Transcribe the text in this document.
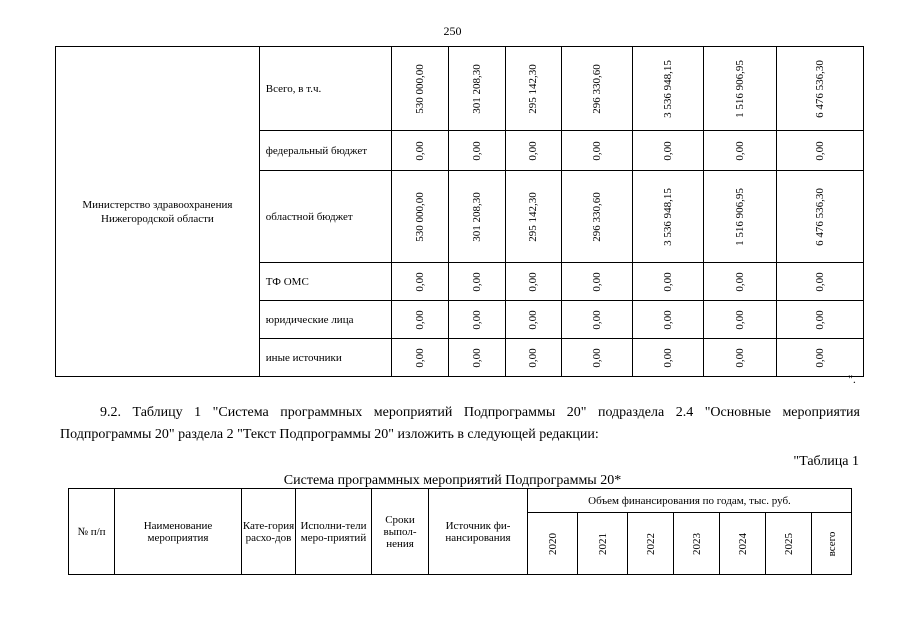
250
Министерство здравоохранения Нижегородской области	Всего, в т.ч.	530 000,00	301 208,30	295 142,30	296 330,60	3 536 948,15	1 516 906,95	6 476 536,30

	федеральный бюджет	0,00	0,00	0,00	0,00	0,00	0,00	0,00

	областной бюджет	530 000,00	301 208,30	295 142,30	296 330,60	3 536 948,15	1 516 906,95	6 476 536,30

	ТФ ОМС	0,00	0,00	0,00	0,00	0,00	0,00	0,00

	юридические лица	0,00	0,00	0,00	0,00	0,00	0,00	0,00

	иные источники	0,00	0,00	0,00	0,00	0,00	0,00	0,00
".
9.2. Таблицу 1 "Система программных мероприятий Подпрограммы 20" подраздела 2.4 "Основные мероприятия Подпрограммы 20" раздела 2 "Текст Подпрограммы 20" изложить в следующей редакции:
"Таблица 1
Система программных мероприятий Подпрограммы 20*
№ п/п	Наименование мероприятия	Кате-гория расхо-дов	Исполни-тели меро-приятий	Сроки выпол-нения	Источник фи-нансирования	Объем финансирования по годам, тыс. руб.						

						2020	2021	2022	2023	2024	2025	всего
